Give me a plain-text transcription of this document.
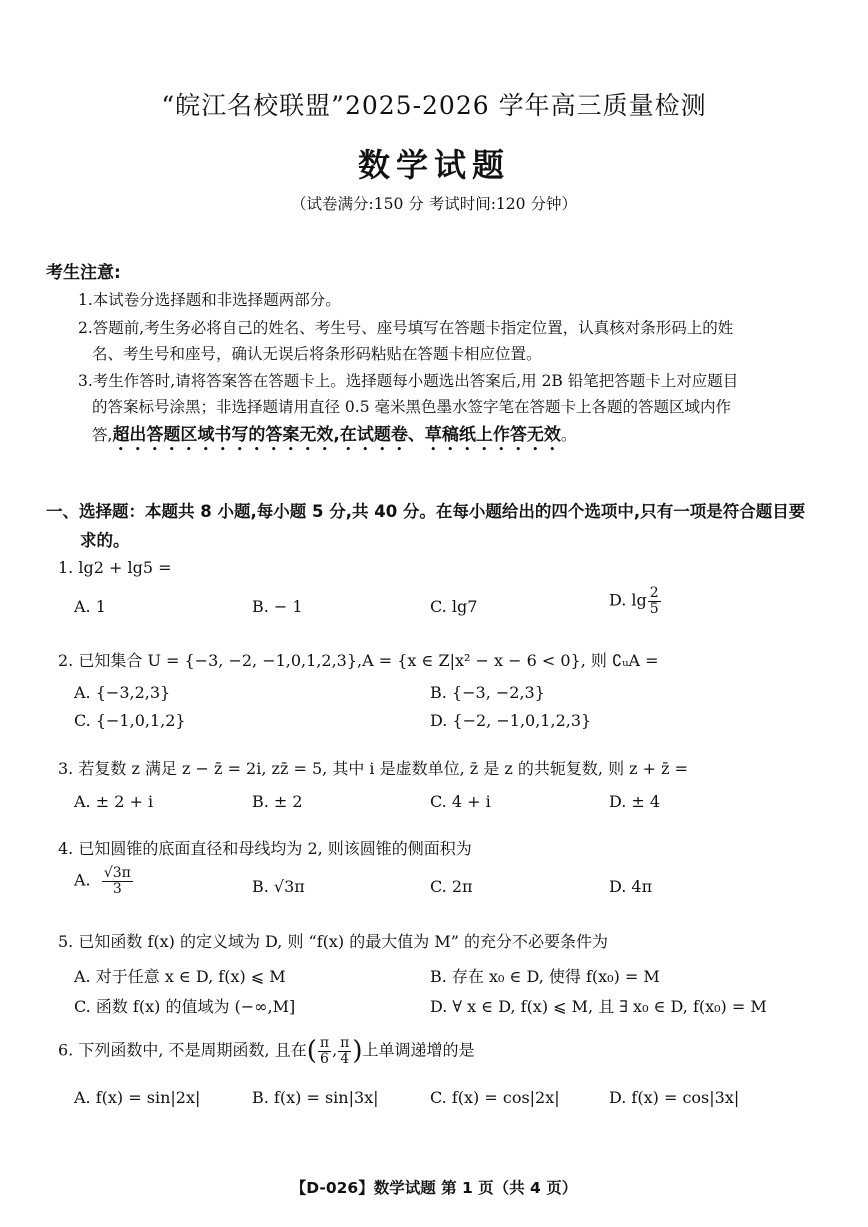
“皖江名校联盟”2025-2026 学年高三质量检测
数学试题
（试卷满分:150 分 考试时间:120 分钟）
考生注意:
1.本试卷分选择题和非选择题两部分。
2.答题前,考生务必将自己的姓名、考生号、座号填写在答题卡指定位置，认真核对条形码上的姓
名、考生号和座号，确认无误后将条形码粘贴在答题卡相应位置。
3.考生作答时,请将答案答在答题卡上。选择题每小题选出答案后,用 2B 铅笔把答题卡上对应题目
的答案标号涂黑；非选择题请用直径 0.5 毫米黑色墨水签字笔在答题卡上各题的答题区域内作
答,超出答题区域书写的答案无效,在试题卷、草稿纸上作答无效。
一、选择题：本题共 8 小题,每小题 5 分,共 40 分。在每小题给出的四个选项中,只有一项是符合题目要
求的。
1. lg2 + lg5 =
A. 1	B. − 1	C. lg7	D. $\lg \frac{2}{5}$
2. 已知集合 U = {−3, −2, −1,0,1,2,3},A = {x ∈ Z|x² − x − 6 < 0}, 则 ∁ᵤA =
A. {−3,2,3}	B. {−3, −2,3}
C. {−1,0,1,2}	D. {−2, −1,0,1,2,3}
3. 若复数 z 满足 z − z̄ = 2i, zz̄ = 5, 其中 i 是虚数单位, z̄ 是 z 的共轭复数, 则 z + z̄ =
A. ± 2 + i	B. ± 2	C. 4 + i	D. ± 4
4. 已知圆锥的底面直径和母线均为 2, 则该圆锥的侧面积为
A. $\frac{√3\pi}{3}$	B. √3π	C. 2π	D. 4π
5. 已知函数 f(x) 的定义域为 D, 则 “f(x) 的最大值为 M” 的充分不必要条件为
A. 对于任意 x ∈ D, f(x) ⩽ M	B. 存在 x₀ ∈ D, 使得 f(x₀) = M
C. 函数 f(x) 的值域为 (−∞,M]	D. ∀ x ∈ D, f(x) ⩽ M, 且 ∃ x₀ ∈ D, f(x₀) = M
6. 下列函数中, 不是周期函数, 且在( $\frac{\pi}{6}$ , $\frac{\pi}{4}$ )上单调递增的是
A. f(x) = sin|2x|	B. f(x) = sin|3x|	C. f(x) = cos|2x|	D. f(x) = cos|3x|
【D-026】数学试题 第 1 页（共 4 页）
